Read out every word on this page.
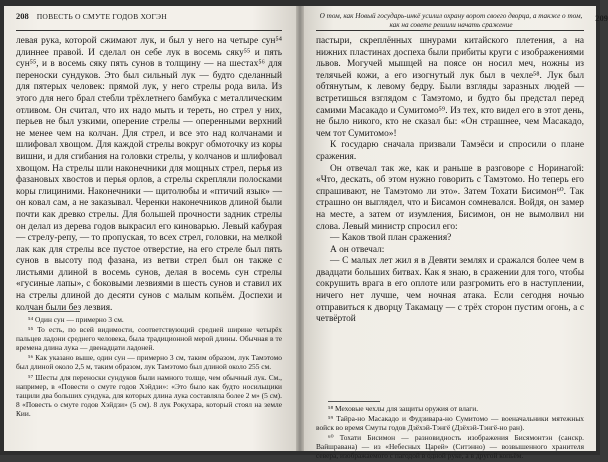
208	ПОВЕСТЬ О СМУТЕ ГОДОВ ХОГЭН

левая рука, которой сжимают лук, и был у него на четыре сун⁵⁴ длиннее правой. И сделал он себе лук в восемь сяку⁵⁵ и пять сун⁵⁵, и в восемь сяку пять сунов в толщину — на шестах⁵⁶ для переноски сундуков. Это был сильный лук — будто сделанный для пятерых человек: прямой лук, у него стрелы рода вила. Из этого для него брал стебли трёхлетнего бамбука с металлическим отливом. Он считал, что их надо мыть и тереть, но стрел у них, перьев не был узкими, оперение стрелы — оперенными верхний не менее чем на колчан. Для стрел, и все это над колчанами и шлифовал хвощом. Для каждой стрелы вокруг обмоточку из коры вишни, и для сгибания на головки стрелы, у колчанов и шлифовал хвощом. На стрелы шли наконечники для мощных стрел, перья из фазановых хвостов и перья орлов, а стрелы скрепляли полосками коры глициними. Наконечники — щитолюбы и «птичий язык» — он ковал сам, а не заказывал. Черенки наконечников длиной были почти как древко стрелы. Для большей прочности задник стрелы он делал из дерева годов выкрасил его киноварью. Левый кабурая — стрелу-репу, — то пропуская, то всех стрел, головки, на мелкой лак как для стрелы все пустое отверстие, на его стреле был пять сунов в высоту под фазана, из ветви стрел был он также с листьями длиной в восемь сунов, делая в восемь сун стрелы «гусиные лапы», с боковыми лезвиями в шесть сунов и ставил их на стрелы длиной до десяти сунов с малым копьём. Доспехи и колчан были без лезвия.

⁵⁴ Один сун — примерно 3 см.

⁵⁵ То есть, по всей видимости, соответствующий средней ширине четырёх пальцев ладони среднего человека, была традиционной мерой длины. Обычная в те времена длина лука — двенадцати ладоней.

⁵⁶ Как указано выше, один сун — примерно 3 см, таким образом, лук Тамэтомо был длиной около 2,5 м, таким образом, лук Тамэтомо был длиной около 255 см.

⁵⁷ Шесты для переноски сундуков были намного толще, чем обычный лук. См., например, в «Повести о смуте годов Хэйдзи»: «Это было как будто носильщики тащили два больших сундука, для которых длина лука составляла более 2 м» (5 см). 8 «Повесть о смуте годов Хэйдзи» (5 см). 8 лук Рокухара, который стоял на земле Кии.

О том, как Новый государь-инкё усилил охрану ворот своего дворца, а также о том, как на совете решили начать сражение
209

пастыри, скреплённых шнурами китайского плетения, а на нижних пластинах доспеха были прибиты круги с изображениями львов. Могучей мышцей на поясе он носил меч, ножны из телячьей кожи, а его изогнутый лук был в чехле⁵⁸. Лук был обтянутым, к левому бедру. Были взгляды заразных людей — встретишься взглядом с Тамэтомо, и будто бы предстал перед самими Масакадо и Сумитомо⁵⁹. Из тех, кто видел его в этот день, не было никого, кто не сказал бы: «Он страшнее, чем Масакадо, чем тот Сумитомо»!

К государю сначала призвали Тамэёси и спросили о плане сражения.

Он отвечал так же, как и раньше в разговоре с Норинагой: «Что, дескать, об этом нужно говорить с Тамэтомо. Но теперь его спрашивают, не Тамэтомо ли это». Затем Тохати Бисимон⁶⁰. Так страшно он выглядел, что и Бисамон сомневался. Войдя, он замер на месте, а затем от изумления, Бисимон, он не вымолвил ни слова. Левый министр спросил его:

— Каков твой план сражения?

А он отвечал:

— С малых лет жил я в Девяти землях и сражался более чем в двадцати больших битвах. Как я знаю, в сражении для того, чтобы сокрушить врага в его оплоте или разгромить его в наступлении, ничего нет лучше, чем ночная атака. Если сегодня ночью отправиться к дворцу Такамацу — с трёх сторон пустим огонь, а с четвёртой

⁵⁸ Меховые чехлы для защиты оружия от влаги.

⁵⁹ Тайра-но Масакадо и Фудзивара-но Сумитомо — военачальники мятежных войск во время Смуты годов Дзёхэй-Тэнгё (Дзёхэй-Тэнгё-но ран).

⁶⁰ Тохати Бисимон — разновидность изображения Бисямонтэн (санскр. Вайшравана) — из «Небесных Царей» (Ситэнно) — возвышенного хранителя севера, изображаемого с пагодой в одной руке, а в другой копьём.
